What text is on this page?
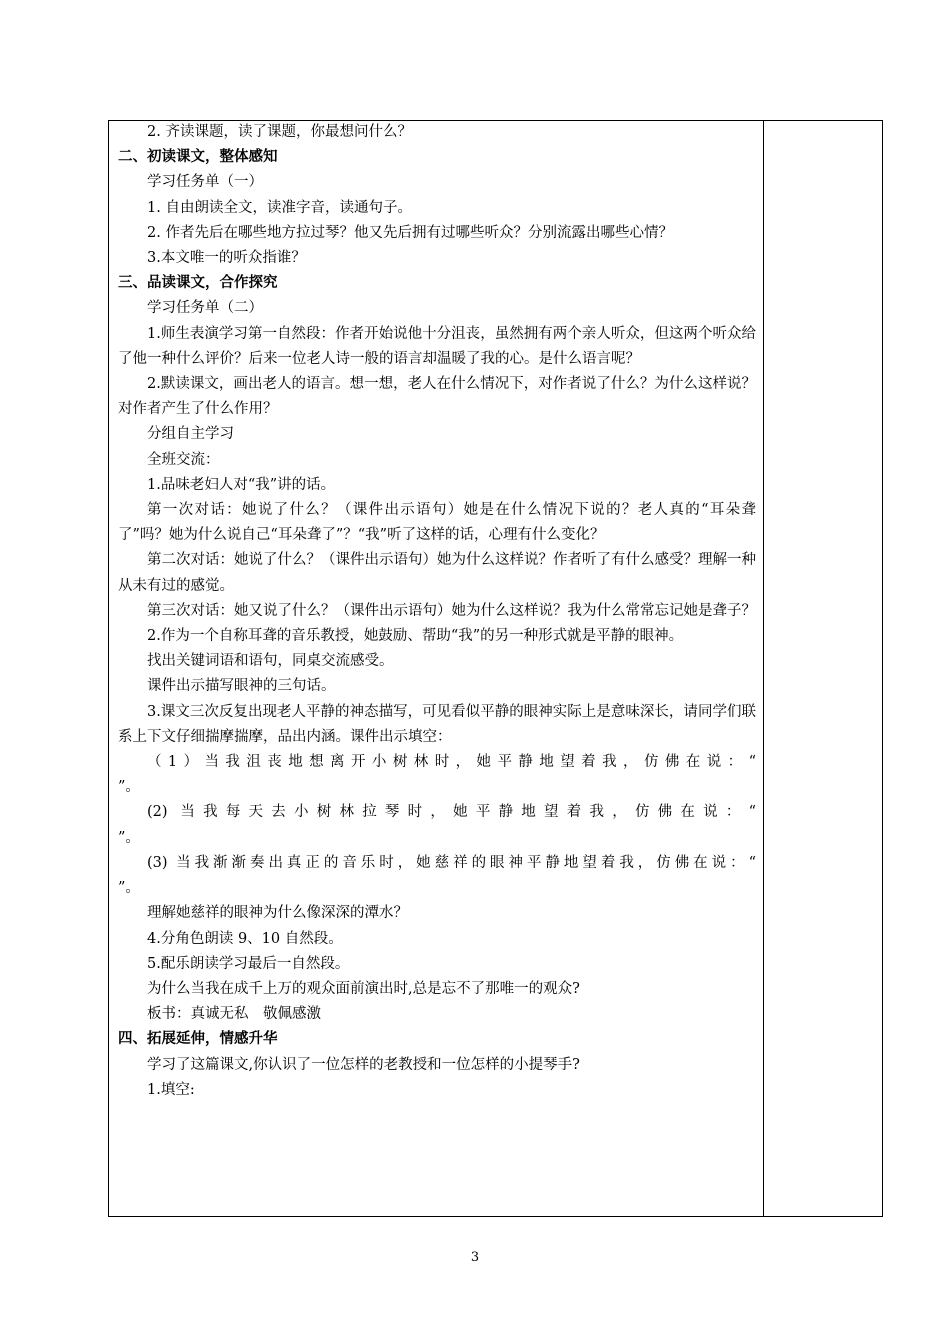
2. 齐读课题，读了课题，你最想问什么？

二、初读课文，整体感知

学习任务单（一）

1. 自由朗读全文，读准字音，读通句子。

2. 作者先后在哪些地方拉过琴？他又先后拥有过哪些听众？分别流露出哪些心情？

3.本文唯一的听众指谁？

三、品读课文，合作探究

学习任务单（二）

1.师生表演学习第一自然段：作者开始说他十分沮丧，虽然拥有两个亲人听众，但这两个听众给了他一种什么评价？后来一位老人诗一般的语言却温暖了我的心。是什么语言呢？

2.默读课文，画出老人的语言。想一想，老人在什么情况下，对作者说了什么？为什么这样说？对作者产生了什么作用？

分组自主学习

全班交流：

1.品味老妇人对“我”讲的话。

第一次对话：她说了什么？（课件出示语句）她是在什么情况下说的？老人真的“耳朵聋了”吗？她为什么说自己“耳朵聋了”？“我”听了这样的话，心理有什么变化？

第二次对话：她说了什么？（课件出示语句）她为什么这样说？作者听了有什么感受？理解一种从未有过的感觉。

第三次对话：她又说了什么？（课件出示语句）她为什么这样说？我为什么常常忘记她是聋子？

2.作为一个自称耳聋的音乐教授，她鼓励、帮助“我”的另一种形式就是平静的眼神。

找出关键词语和语句，同桌交流感受。

课件出示描写眼神的三句话。

3.课文三次反复出现老人平静的神态描写，可见看似平静的眼神实际上是意味深长，请同学们联系上下文仔细揣摩揣摩，品出内涵。课件出示填空：

（1）当我沮丧地想离开小树林时，她平静地望着我，仿佛在说：“

”。

(2) 当我每天去小树林拉琴时，她平静地望着我，仿佛在说：“

”。

(3) 当我渐渐奏出真正的音乐时，她慈祥的眼神平静地望着我，仿佛在说：“

”。

理解她慈祥的眼神为什么像深深的潭水？

4.分角色朗读 9、10 自然段。

5.配乐朗读学习最后一自然段。

为什么当我在成千上万的观众面前演出时,总是忘不了那唯一的观众?

板书：真诚无私　敬佩感激

四、拓展延伸，情感升华

学习了这篇课文,你认识了一位怎样的老教授和一位怎样的小提琴手?

1.填空:

3
